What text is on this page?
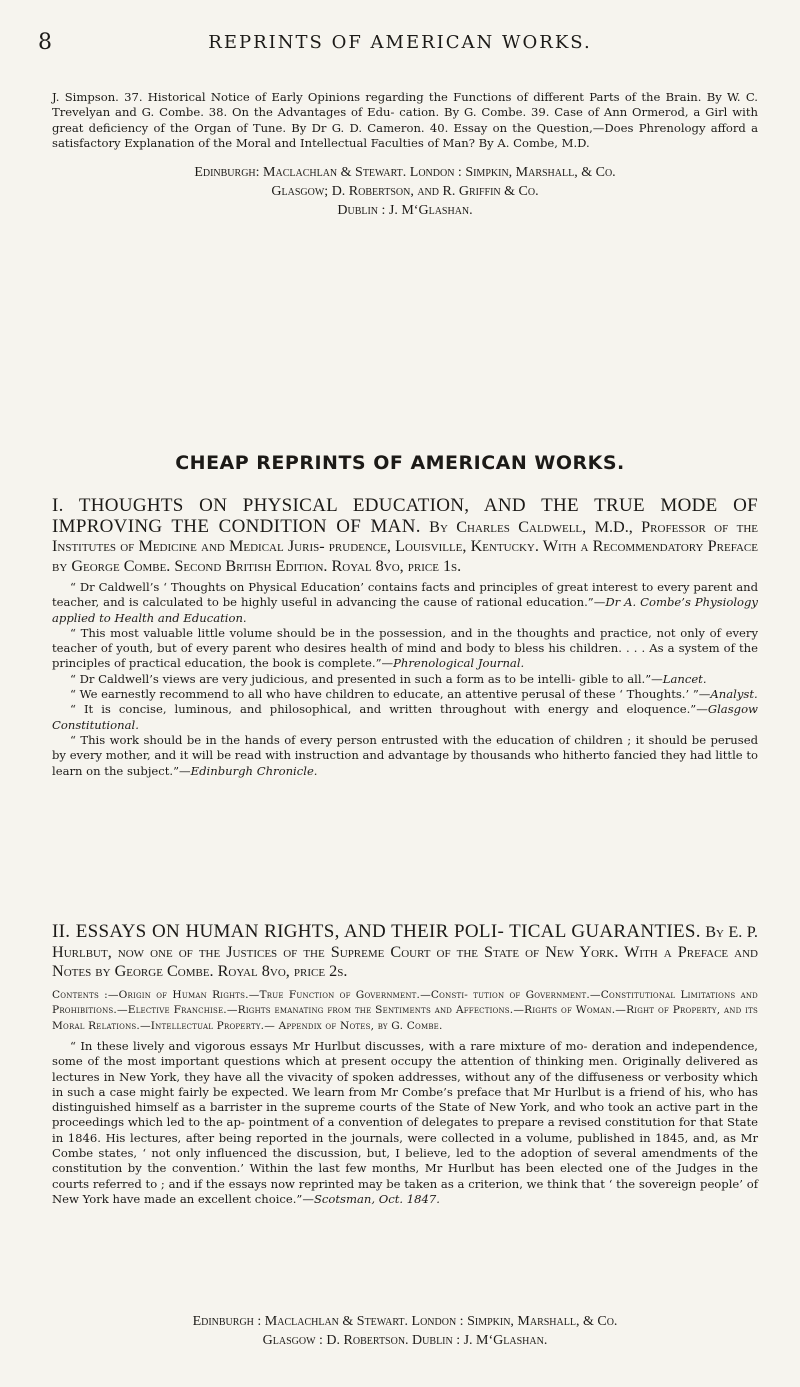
8	REPRINTS OF AMERICAN WORKS.
J. Simpson. 37. Historical Notice of Early Opinions regarding the Functions of different Parts of the Brain. By W. C. Trevelyan and G. Combe. 38. On the Advantages of Edu- cation. By G. Combe. 39. Case of Ann Ormerod, a Girl with great deficiency of the Organ of Tune. By Dr G. D. Cameron. 40. Essay on the Question,—Does Phrenology afford a satisfactory Explanation of the Moral and Intellectual Faculties of Man? By A. Combe, M.D.
Edinburgh: Maclachlan & Stewart. London : Simpkin, Marshall, & Co.
Glasgow; D. Robertson, and R. Griffin & Co.
Dublin : J. M‘Glashan.
CHEAP REPRINTS OF AMERICAN WORKS.
I. THOUGHTS ON PHYSICAL EDUCATION, AND THE TRUE MODE OF IMPROVING THE CONDITION OF MAN. By Charles Caldwell, M.D., Professor of the Institutes of Medicine and Medical Juris- prudence, Louisville, Kentucky. With a Recommendatory Preface by George Combe. Second British Edition. Royal 8vo, price 1s.

“ Dr Caldwell’s ‘ Thoughts on Physical Education’ contains facts and principles of great interest to every parent and teacher, and is calculated to be highly useful in advancing the cause of rational education.”—Dr A. Combe’s Physiology applied to Health and Education.

“ This most valuable little volume should be in the possession, and in the thoughts and practice, not only of every teacher of youth, but of every parent who desires health of mind and body to bless his children. . . . As a system of the principles of practical education, the book is complete.”—Phrenological Journal.

“ Dr Caldwell’s views are very judicious, and presented in such a form as to be intelli- gible to all.”—Lancet.

“ We earnestly recommend to all who have children to educate, an attentive perusal of these ‘ Thoughts.’ ”—Analyst.

“ It is concise, luminous, and philosophical, and written throughout with energy and eloquence.”—Glasgow Constitutional.

“ This work should be in the hands of every person entrusted with the education of children ; it should be perused by every mother, and it will be read with instruction and advantage by thousands who hitherto fancied they had little to learn on the subject.”—Edinburgh Chronicle.

II. ESSAYS ON HUMAN RIGHTS, AND THEIR POLI- TICAL GUARANTIES. By E. P. Hurlbut, now one of the Justices of the Supreme Court of the State of New York. With a Preface and Notes by George Combe. Royal 8vo, price 2s.
Contents :—Origin of Human Rights.—True Function of Government.—Consti- tution of Government.—Constitutional Limitations and Prohibitions.—Elective Franchise.—Rights emanating from the Sentiments and Affections.—Rights of Woman.—Right of Property, and its Moral Relations.—Intellectual Property.— Appendix of Notes, by G. Combe.

“ In these lively and vigorous essays Mr Hurlbut discusses, with a rare mixture of mo- deration and independence, some of the most important questions which at present occupy the attention of thinking men. Originally delivered as lectures in New York, they have all the vivacity of spoken addresses, without any of the diffuseness or verbosity which in such a case might fairly be expected. We learn from Mr Combe’s preface that Mr Hurlbut is a friend of his, who has distinguished himself as a barrister in the supreme courts of the State of New York, and who took an active part in the proceedings which led to the ap- pointment of a convention of delegates to prepare a revised constitution for that State in 1846. His lectures, after being reported in the journals, were collected in a volume, published in 1845, and, as Mr Combe states, ‘ not only influenced the discussion, but, I believe, led to the adoption of several amendments of the constitution by the convention.’ Within the last few months, Mr Hurlbut has been elected one of the Judges in the courts referred to ; and if the essays now reprinted may be taken as a criterion, we think that ‘ the sovereign people’ of New York have made an excellent choice.”—Scotsman, Oct. 1847.

Edinburgh : Maclachlan & Stewart. London : Simpkin, Marshall, & Co.
Glasgow : D. Robertson. Dublin : J. M‘Glashan.
